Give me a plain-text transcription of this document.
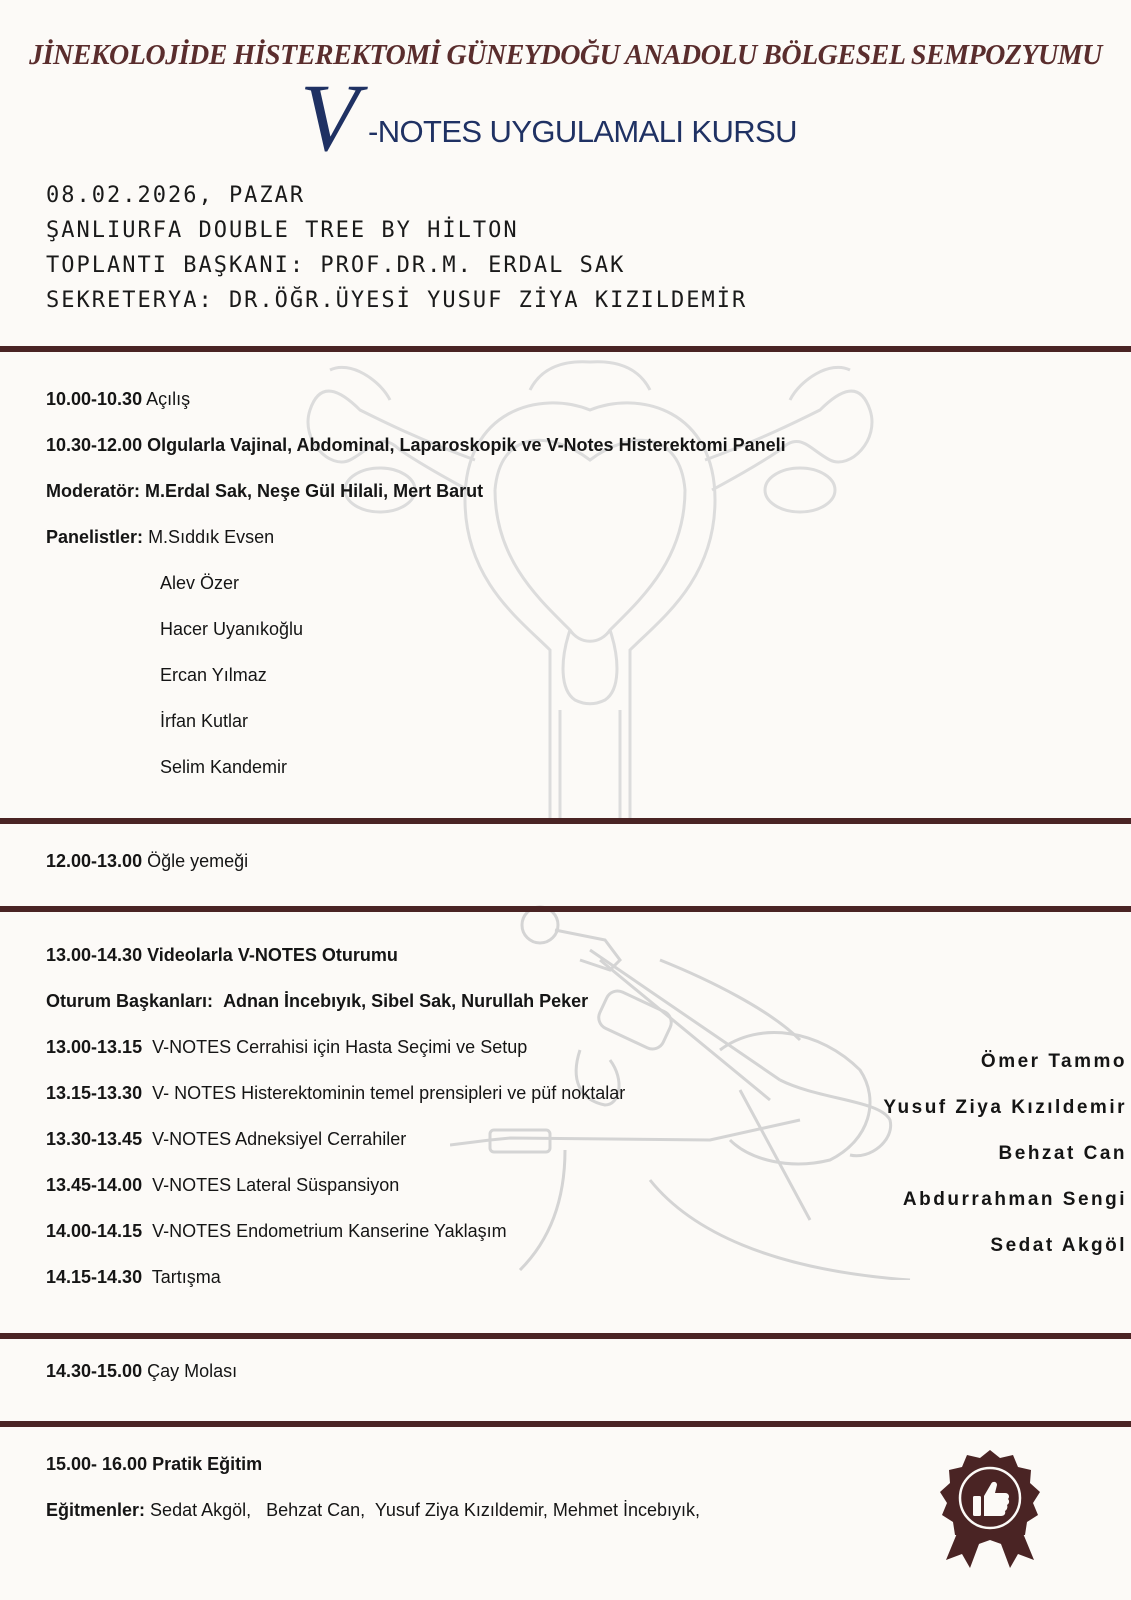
JİNEKOLOJİDE HİSTEREKTOMİ GÜNEYDOĞU ANADOLU BÖLGESEL SEMPOZYUMU
V -NOTES UYGULAMALI KURSU
08.02.2026, PAZAR
ŞANLIURFA DOUBLE TREE BY HİLTON
TOPLANTI BAŞKANI: PROF.DR.M. ERDAL SAK
SEKRETERYA: DR.ÖĞR.ÜYESİ YUSUF ZİYA KIZILDEMİR
10.00-10.30 Açılış
10.30-12.00 Olgularla Vajinal, Abdominal, Laparoskopik ve V-Notes Histerektomi Paneli
Moderatör: M.Erdal Sak, Neşe Gül Hilali, Mert Barut
Panelistler: M.Sıddık Evsen
Alev Özer
Hacer Uyanıkoğlu
Ercan Yılmaz
İrfan Kutlar
Selim Kandemir
12.00-13.00 Öğle yemeği
13.00-14.30 Videolarla V-NOTES Oturumu
Oturum Başkanları: Adnan İncebıyık, Sibel Sak, Nurullah Peker
13.00-13.15 V-NOTES Cerrahisi için Hasta Seçimi ve Setup
13.15-13.30 V- NOTES Histerektominin temel prensipleri ve püf noktalar
13.30-13.45 V-NOTES Adneksiyel Cerrahiler
13.45-14.00 V-NOTES Lateral Süspansiyon
14.00-14.15 V-NOTES Endometrium Kanserine Yaklaşım
14.15-14.30 Tartışma
Ömer Tammo
Yusuf Ziya Kızıldemir
Behzat Can
Abdurrahman Sengi
Sedat Akgöl
14.30-15.00 Çay Molası
15.00- 16.00 Pratik Eğitim
Eğitmenler: Sedat Akgöl,   Behzat Can,  Yusuf Ziya Kızıldemir, Mehmet İncebıyık,
